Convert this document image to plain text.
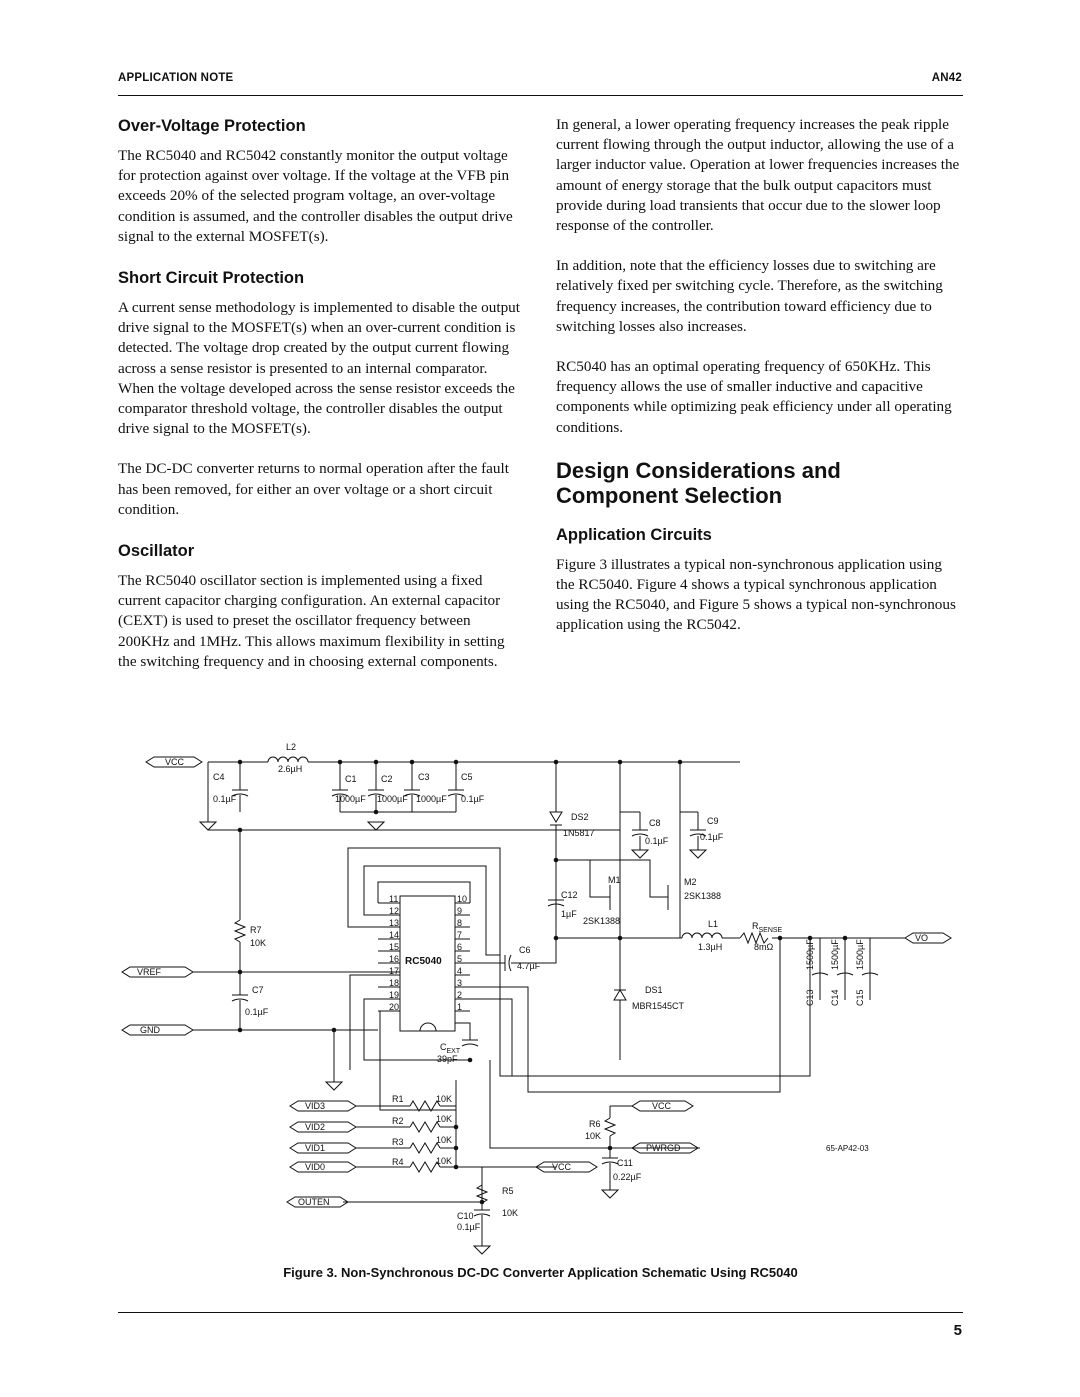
APPLICATION NOTE	AN42
Over-Voltage Protection

The RC5040 and RC5042 constantly monitor the output voltage for protection against over voltage. If the voltage at the VFB pin exceeds 20% of the selected program voltage, an over-voltage condition is assumed, and the controller disables the output drive signal to the external MOSFET(s).

Short Circuit Protection

A current sense methodology is implemented to disable the output drive signal to the MOSFET(s) when an over-current condition is detected. The voltage drop created by the output current flowing across a sense resistor is presented to an internal comparator. When the voltage developed across the sense resistor exceeds the comparator threshold voltage, the controller disables the output drive signal to the MOSFET(s).

The DC-DC converter returns to normal operation after the fault has been removed, for either an over voltage or a short circuit condition.

Oscillator

The RC5040 oscillator section is implemented using a fixed current capacitor charging configuration. An external capacitor (CEXT) is used to preset the oscillator frequency between 200KHz and 1MHz. This allows maximum flexibility in setting the switching frequency and in choosing external components.

In general, a lower operating frequency increases the peak ripple current flowing through the output inductor, allowing the use of a larger inductor value. Operation at lower frequencies increases the amount of energy storage that the bulk output capacitors must provide during load transients that occur due to the slower loop response of the controller.

In addition, note that the efficiency losses due to switching are relatively fixed per switching cycle. Therefore, as the switching frequency increases, the contribution toward efficiency due to switching losses also increases.

RC5040 has an optimal operating frequency of 650KHz. This frequency allows the use of smaller inductive and capacitive components while optimizing peak efficiency under all operating conditions.

Design Considerations and Component Selection
Application Circuits

Figure 3 illustrates a typical non-synchronous application using the RC5040. Figure 4 shows a typical synchronous application using the RC5040, and Figure 5 shows a typical non-synchronous application using the RC5042.

VCC
VREF
GND
VO
VID3
VID2
VID1
VID0
OUTEN
VCC
PWRGD
VCC
L2
2.6µH
C4
0.1µF
C1
1000µF
C2
1000µF
C3
1000µF
C5
0.1µF
DS2
1N5817
C8
0.1µF
C9
0.1µF
M1	M2
2SK1388
2SK1388
C12
1µF
L1
1.3µH
$R_{SENSE}$
8mΩ
C13 C14 C15
1500µF 1500µF 1500µF
R7
10K
C7
0.1µF
RC5040
C6
4.7µF
DS1
MBR1545CT
$C_{EXT}$
39pF
R1	10K
R2	10K
R3	10K
R4	10K
R6
10K
C11
0.22µF
R5
10K
C10
0.1µF
65-AP42-03
11
12
13
14
15
16
17
18
19
20
10
9
8
7
6
5
4
3
2
1
Figure 3. Non-Synchronous DC-DC Converter Application Schematic Using RC5040
5
